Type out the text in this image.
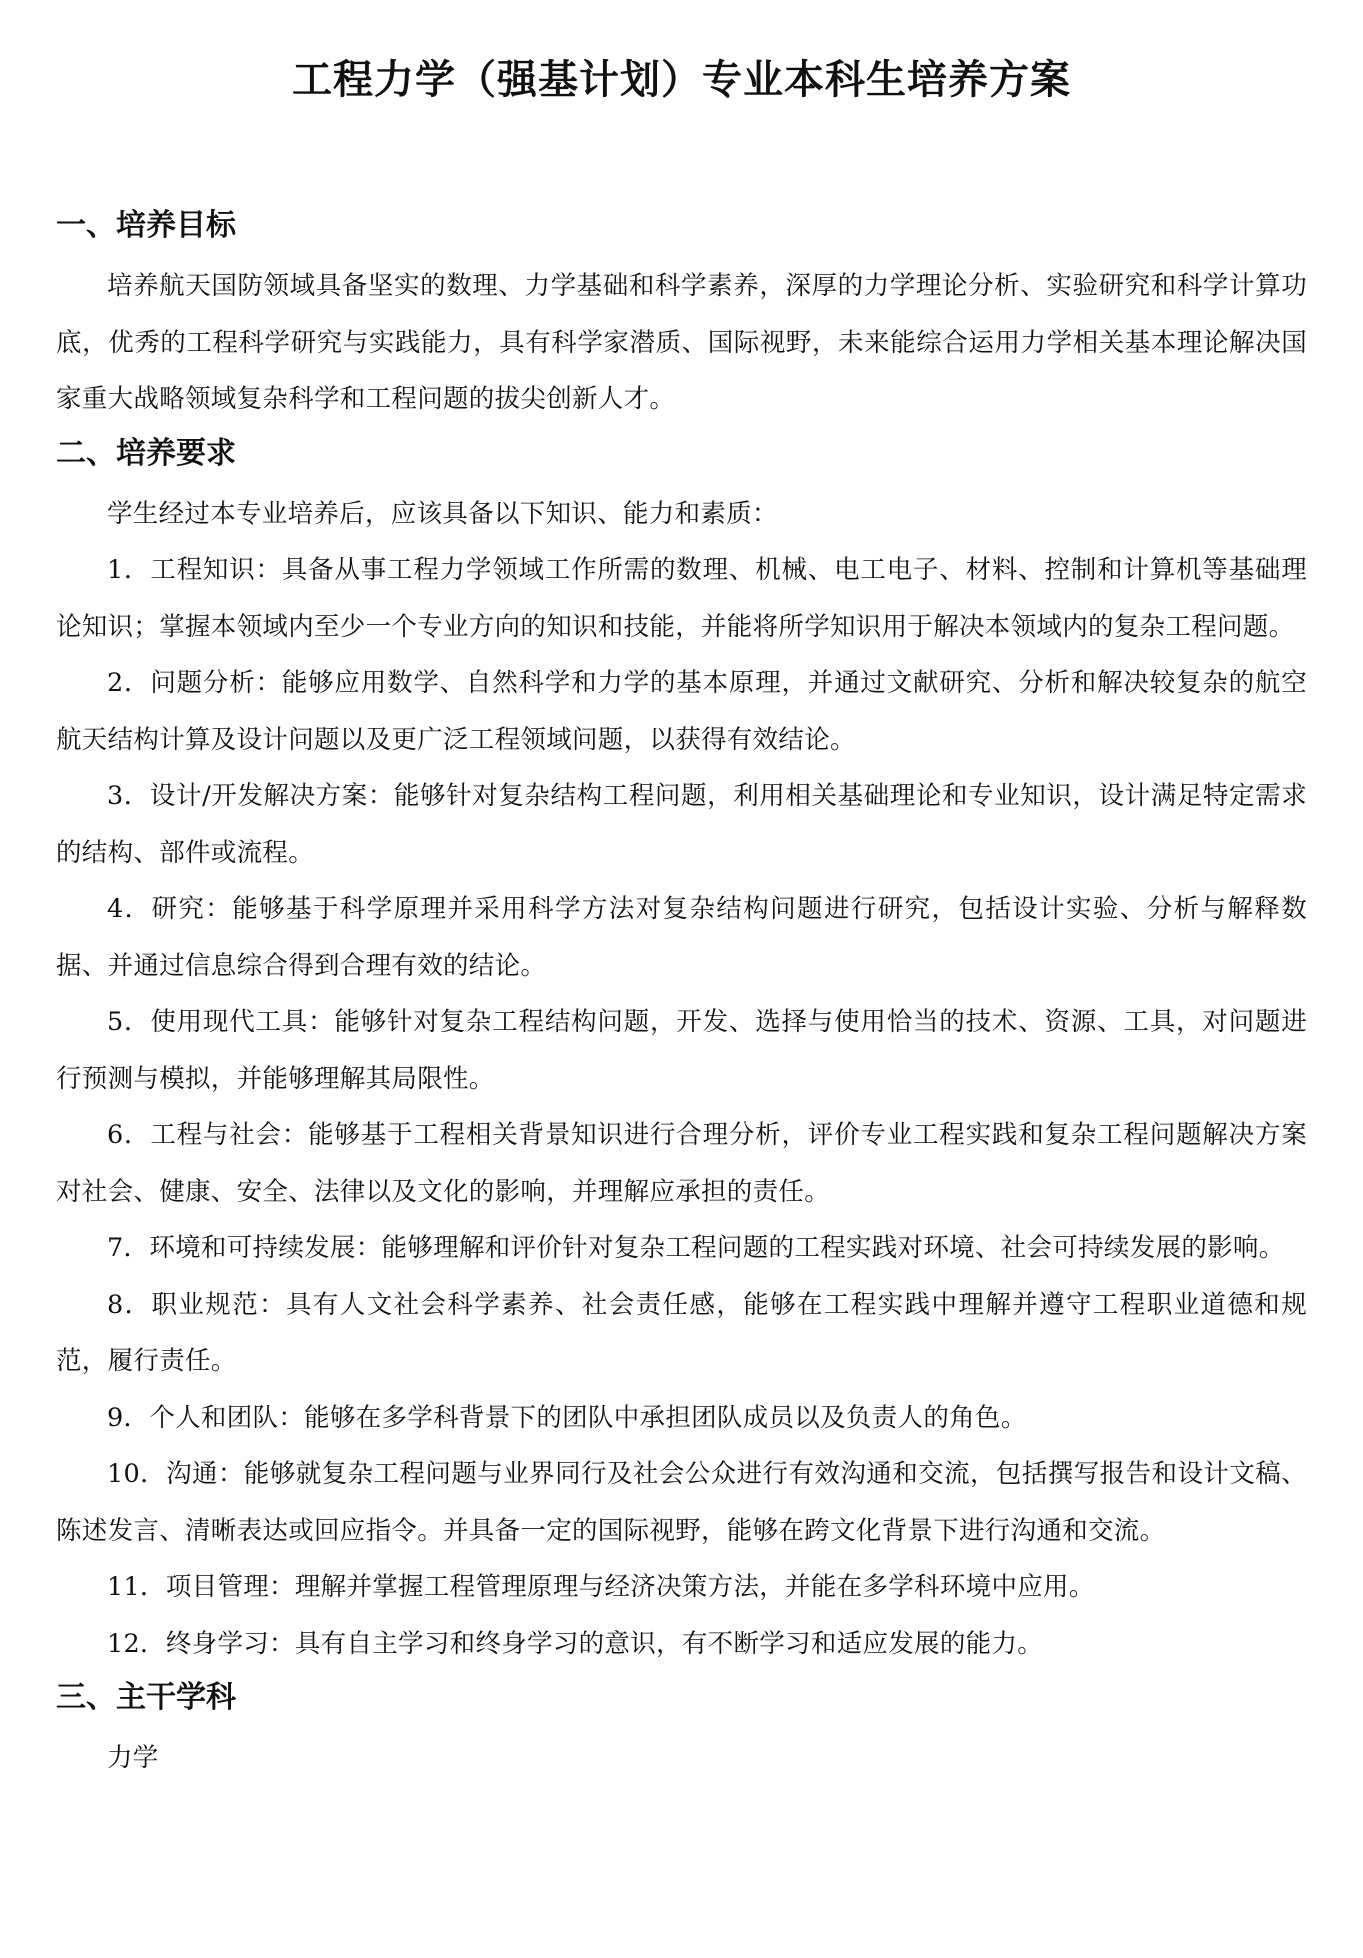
工程力学（强基计划）专业本科生培养方案
一、培养目标

培养航天国防领域具备坚实的数理、力学基础和科学素养，深厚的力学理论分析、实验研究和科学计算功底，优秀的工程科学研究与实践能力，具有科学家潜质、国际视野，未来能综合运用力学相关基本理论解决国家重大战略领域复杂科学和工程问题的拔尖创新人才。

二、培养要求

学生经过本专业培养后，应该具备以下知识、能力和素质：

1．工程知识：具备从事工程力学领域工作所需的数理、机械、电工电子、材料、控制和计算机等基础理论知识；掌握本领域内至少一个专业方向的知识和技能，并能将所学知识用于解决本领域内的复杂工程问题。
2．问题分析：能够应用数学、自然科学和力学的基本原理，并通过文献研究、分析和解决较复杂的航空航天结构计算及设计问题以及更广泛工程领域问题，以获得有效结论。
3．设计/开发解决方案：能够针对复杂结构工程问题，利用相关基础理论和专业知识，设计满足特定需求的结构、部件或流程。
4．研究：能够基于科学原理并采用科学方法对复杂结构问题进行研究，包括设计实验、分析与解释数据、并通过信息综合得到合理有效的结论。
5．使用现代工具：能够针对复杂工程结构问题，开发、选择与使用恰当的技术、资源、工具，对问题进行预测与模拟，并能够理解其局限性。
6．工程与社会：能够基于工程相关背景知识进行合理分析，评价专业工程实践和复杂工程问题解决方案对社会、健康、安全、法律以及文化的影响，并理解应承担的责任。
7．环境和可持续发展：能够理解和评价针对复杂工程问题的工程实践对环境、社会可持续发展的影响。
8．职业规范：具有人文社会科学素养、社会责任感，能够在工程实践中理解并遵守工程职业道德和规范，履行责任。
9．个人和团队：能够在多学科背景下的团队中承担团队成员以及负责人的角色。
10．沟通：能够就复杂工程问题与业界同行及社会公众进行有效沟通和交流，包括撰写报告和设计文稿、陈述发言、清晰表达或回应指令。并具备一定的国际视野，能够在跨文化背景下进行沟通和交流。
11．项目管理：理解并掌握工程管理原理与经济决策方法，并能在多学科环境中应用。
12．终身学习：具有自主学习和终身学习的意识，有不断学习和适应发展的能力。
三、主干学科

力学
